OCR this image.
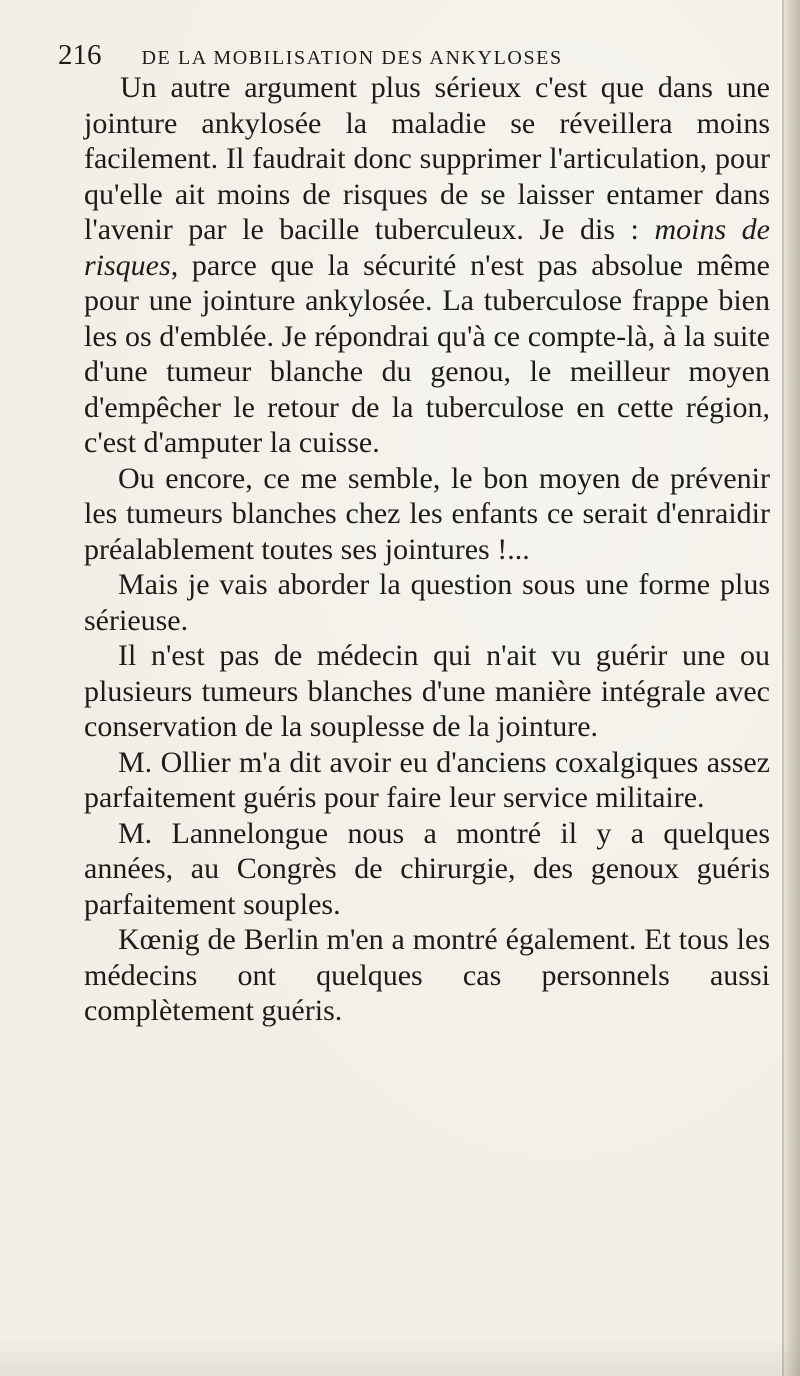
216 DE LA MOBILISATION DES ANKYLOSES

Un autre argument plus sérieux c'est que dans une jointure ankylosée la maladie se réveillera moins facilement. Il faudrait donc supprimer l'articulation, pour qu'elle ait moins de risques de se laisser entamer dans l'avenir par le bacille tuberculeux. Je dis : moins de risques, parce que la sécurité n'est pas absolue même pour une jointure ankylosée. La tuberculose frappe bien les os d'emblée. Je répondrai qu'à ce compte-là, à la suite d'une tumeur blanche du genou, le meilleur moyen d'empêcher le retour de la tuberculose en cette région, c'est d'amputer la cuisse.

Ou encore, ce me semble, le bon moyen de prévenir les tumeurs blanches chez les enfants ce serait d'enraidir préalablement toutes ses jointures !...

Mais je vais aborder la question sous une forme plus sérieuse.

Il n'est pas de médecin qui n'ait vu guérir une ou plusieurs tumeurs blanches d'une manière intégrale avec conservation de la souplesse de la jointure.

M. Ollier m'a dit avoir eu d'anciens coxalgiques assez parfaitement guéris pour faire leur service militaire.

M. Lannelongue nous a montré il y a quelques années, au Congrès de chirurgie, des genoux guéris parfaitement souples.

Kœnig de Berlin m'en a montré également. Et tous les médecins ont quelques cas personnels aussi complètement guéris.
